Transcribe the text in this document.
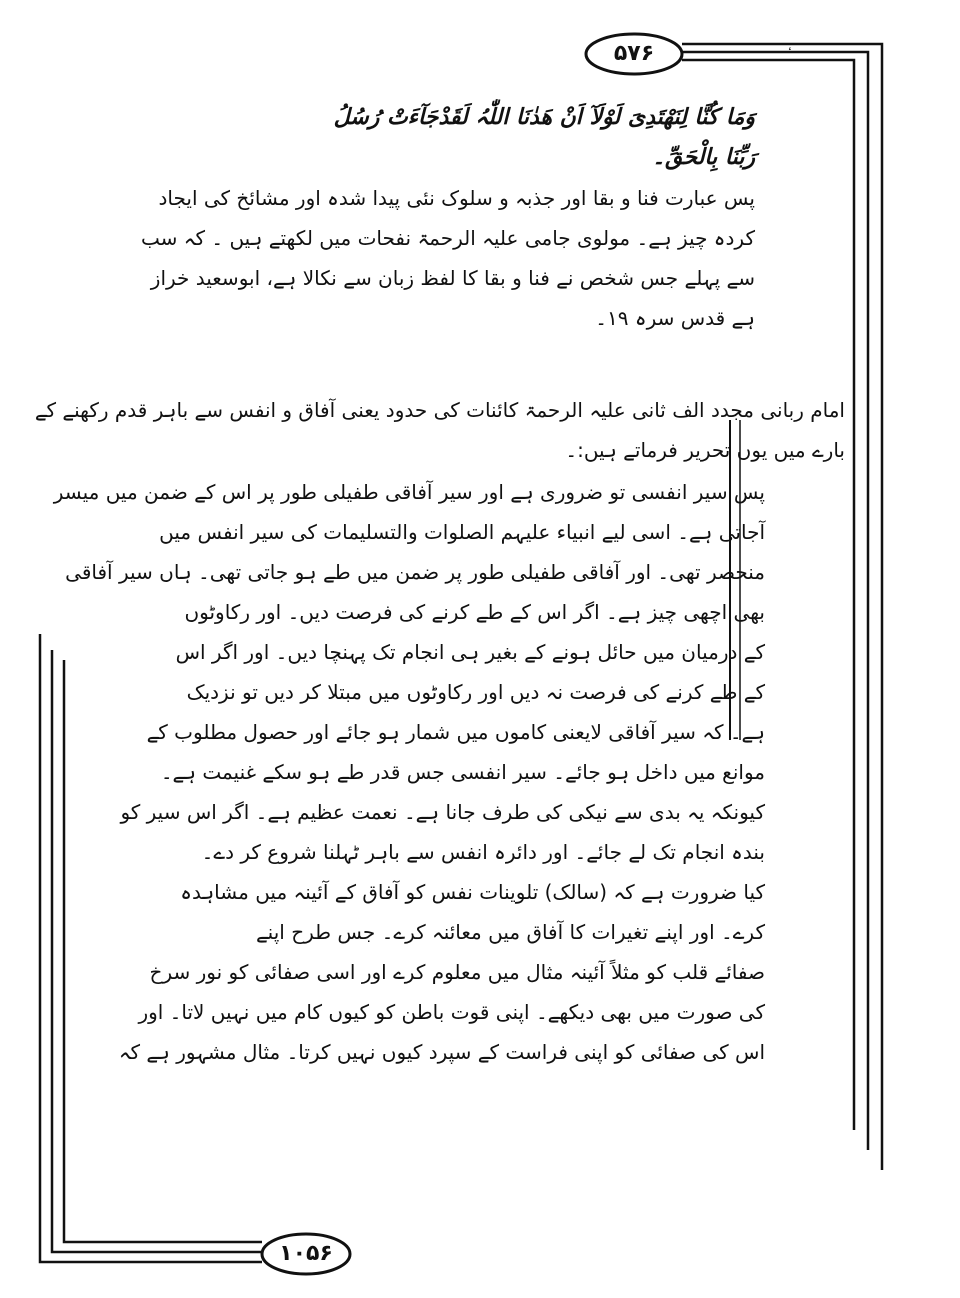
۵۷۶
۱۰۵۶
وَمَا کُنَّا لِنَھْتَدِیَ لَوْلَآ اَنْ ھَدٰنَا اللّٰہُ لَقَدْجَآءَتْ رُسُلُ
رَبِّنَا بِالْحَقِّ۔
پس عبارت فنا و بقا اور جذبہ و سلوک نئی پیدا شدہ اور مشائخ کی ایجاد
کردہ چیز ہے۔ مولوی جامی علیہ الرحمۃ نفحات میں لکھتے ہیں ۔ کہ سب
سے پہلے جس شخص نے فنا و بقا کا لفظ زبان سے نکالا ہے، ابوسعید خراز
ہے قدس سرہ ۱۹۔
امام ربانی مجدد الف ثانی علیہ الرحمۃ کائنات کی حدود یعنی آفاق و انفس سے باہر قدم رکھنے کے
بارے میں یوں تحریر فرماتے ہیں:۔
پس سیر انفسی تو ضروری ہے اور سیر آفاقی طفیلی طور پر اس کے ضمن میں میسر
آجاتی ہے۔ اسی لیے انبیاء علیہم الصلوات والتسلیمات کی سیر انفس میں
منحصر تھی۔ اور آفاقی طفیلی طور پر ضمن میں طے ہو جاتی تھی۔ ہاں سیر آفاقی
بھی اچھی چیز ہے۔ اگر اس کے طے کرنے کی فرصت دیں۔ اور رکاوٹوں
کے درمیان میں حائل ہونے کے بغیر ہی انجام تک پہنچا دیں۔ اور اگر اس
کے طے کرنے کی فرصت نہ دیں اور رکاوٹوں میں مبتلا کر دیں تو نزدیک
ہے۔ کہ سیر آفاقی لایعنی کاموں میں شمار ہو جائے اور حصول مطلوب کے
موانع میں داخل ہو جائے۔ سیر انفسی جس قدر طے ہو سکے غنیمت ہے۔
کیونکہ یہ بدی سے نیکی کی طرف جانا ہے۔ نعمت عظیم ہے۔ اگر اس سیر کو
بندہ انجام تک لے جائے۔ اور دائرہ انفس سے باہر ٹہلنا شروع کر دے۔
کیا ضرورت ہے کہ (سالک) تلوینات نفس کو آفاق کے آئینہ میں مشاہدہ
کرے۔ اور اپنے تغیرات کا آفاق میں معائنہ کرے۔ جس طرح اپنے
صفائے قلب کو مثلاً آئینہ مثال میں معلوم کرے اور اسی صفائی کو نور سرخ
کی صورت میں بھی دیکھے۔ اپنی قوت باطن کو کیوں کام میں نہیں لاتا۔ اور
اس کی صفائی کو اپنی فراست کے سپرد کیوں نہیں کرتا۔ مثال مشہور ہے کہ
